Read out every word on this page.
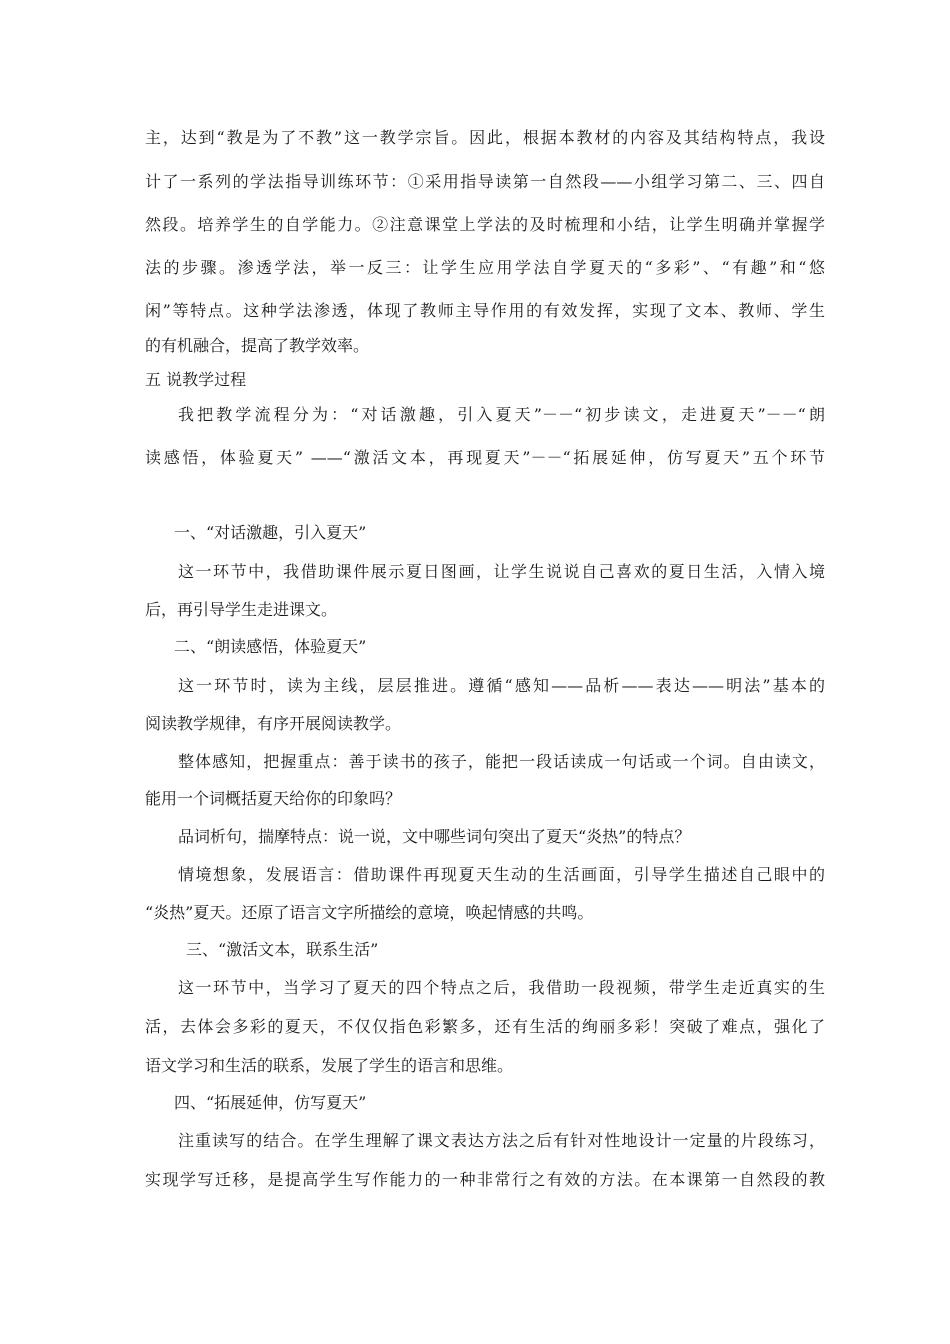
主，达到“教是为了不教”这一教学宗旨。因此，根据本教材的内容及其结构特点，我设
计了一系列的学法指导训练环节：①采用指导读第一自然段——小组学习第二、三、四自
然段。培养学生的自学能力。②注意课堂上学法的及时梳理和小结，让学生明确并掌握学
法的步骤。渗透学法，举一反三：让学生应用学法自学夏天的“多彩”、“有趣”和“悠
闲”等特点。这种学法渗透，体现了教师主导作用的有效发挥，实现了文本、教师、学生
的有机融合，提高了教学效率。
五 说教学过程
我把教学流程分为：“对话激趣，引入夏天”－－“初步读文，走进夏天”－－“朗
读感悟，体验夏天” ——“激活文本，再现夏天”－－“拓展延伸，仿写夏天”五个环节
一、“对话激趣，引入夏天”
这一环节中，我借助课件展示夏日图画，让学生说说自己喜欢的夏日生活，入情入境
后，再引导学生走进课文。
二、“朗读感悟，体验夏天”
这一环节时，读为主线，层层推进。遵循“感知——品析——表达——明法”基本的
阅读教学规律，有序开展阅读教学。
整体感知，把握重点：善于读书的孩子，能把一段话读成一句话或一个词。自由读文，
能用一个词概括夏天给你的印象吗？
品词析句，揣摩特点：说一说，文中哪些词句突出了夏天“炎热”的特点？
情境想象，发展语言：借助课件再现夏天生动的生活画面，引导学生描述自己眼中的
“炎热”夏天。还原了语言文字所描绘的意境，唤起情感的共鸣。
三、“激活文本，联系生活”
这一环节中，当学习了夏天的四个特点之后，我借助一段视频，带学生走近真实的生
活，去体会多彩的夏天，不仅仅指色彩繁多，还有生活的绚丽多彩！突破了难点，强化了
语文学习和生活的联系，发展了学生的语言和思维。
四、“拓展延伸，仿写夏天”
注重读写的结合。在学生理解了课文表达方法之后有针对性地设计一定量的片段练习，
实现学写迁移，是提高学生写作能力的一种非常行之有效的方法。在本课第一自然段的教
